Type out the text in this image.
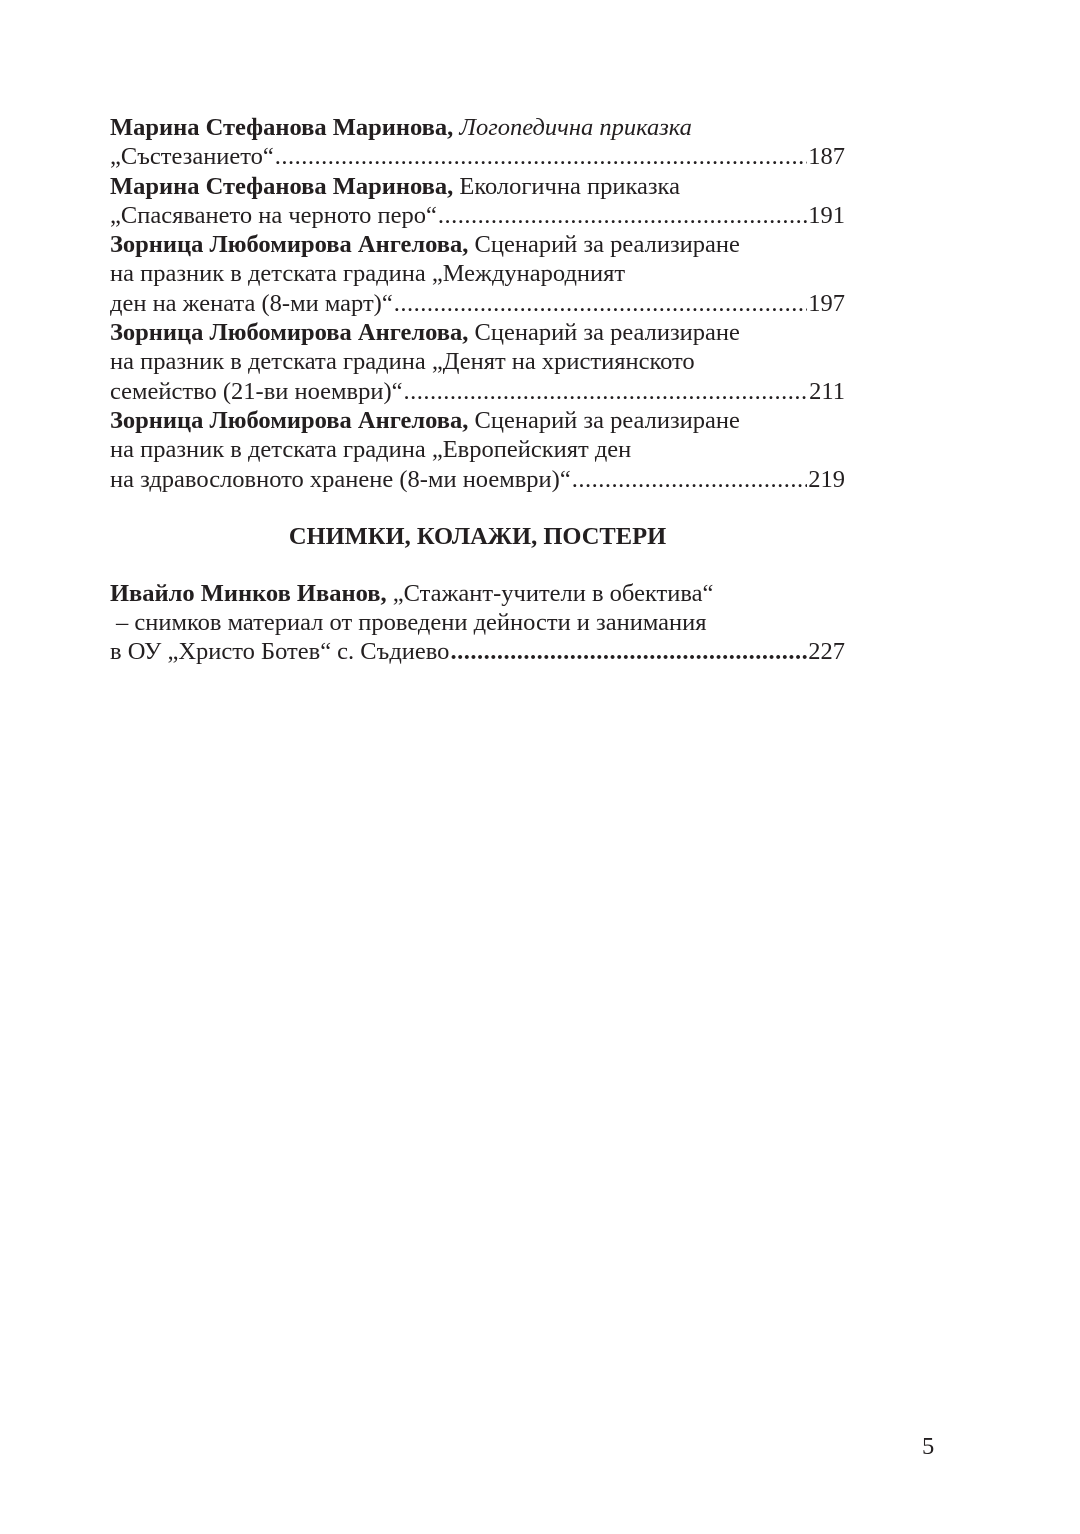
Марина Стефанова Маринова, Логопедична приказка
„Състезанието“ .....	187
Марина Стефанова Маринова, Екологична приказка
„Спасяването на черното перо“ .....	191
Зорница Любомирова Ангелова, Сценарий за реализиране
на празник в детската градина „Международният
ден на жената (8-ми март)“ .....	197
Зорница Любомирова Ангелова, Сценарий за реализиране
на празник в детската градина „Денят на християнското
семейство (21-ви ноември)“ .....	211
Зорница Любомирова Ангелова, Сценарий за реализиране
на празник в детската градина „Европейският ден
на здравословното хранене (8-ми ноември)“ .....	219
СНИМКИ, КОЛАЖИ, ПОСТЕРИ
Ивайло Минков Иванов, „Стажант-учители в обектива“
– снимков материал от проведени дейности и занимания
в ОУ „Христо Ботев“ с. Съдиево .....	227
5
